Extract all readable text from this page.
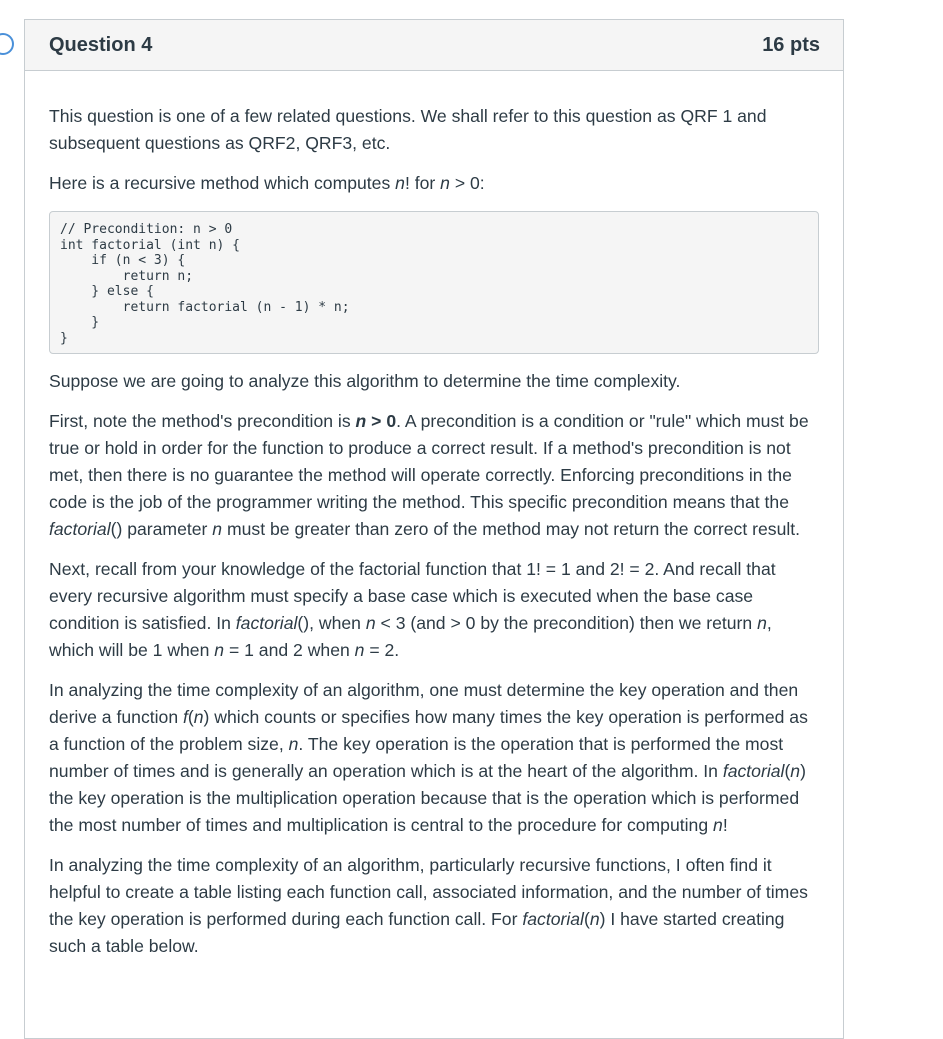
Question 4	16 pts

This question is one of a few related questions. We shall refer to this question as QRF 1 and subsequent questions as QRF2, QRF3, etc.

Here is a recursive method which computes n! for n > 0:

// Precondition: n > 0
int factorial (int n) {
if (n < 3) {
return n;
} else {
return factorial (n - 1) * n;
}
}

Suppose we are going to analyze this algorithm to determine the time complexity.

First, note the method's precondition is n > 0. A precondition is a condition or "rule" which must be true or hold in order for the function to produce a correct result. If a method's precondition is not met, then there is no guarantee the method will operate correctly. Enforcing preconditions in the code is the job of the programmer writing the method. This specific precondition means that the factorial() parameter n must be greater than zero of the method may not return the correct result.

Next, recall from your knowledge of the factorial function that 1! = 1 and 2! = 2. And recall that every recursive algorithm must specify a base case which is executed when the base case condition is satisfied. In factorial(), when n < 3 (and > 0 by the precondition) then we return n, which will be 1 when n = 1 and 2 when n = 2.

In analyzing the time complexity of an algorithm, one must determine the key operation and then derive a function f(n) which counts or specifies how many times the key operation is performed as a function of the problem size, n. The key operation is the operation that is performed the most number of times and is generally an operation which is at the heart of the algorithm. In factorial(n) the key operation is the multiplication operation because that is the operation which is performed the most number of times and multiplication is central to the procedure for computing n!

In analyzing the time complexity of an algorithm, particularly recursive functions, I often find it helpful to create a table listing each function call, associated information, and the number of times the key operation is performed during each function call. For factorial(n) I have started creating such a table below.
